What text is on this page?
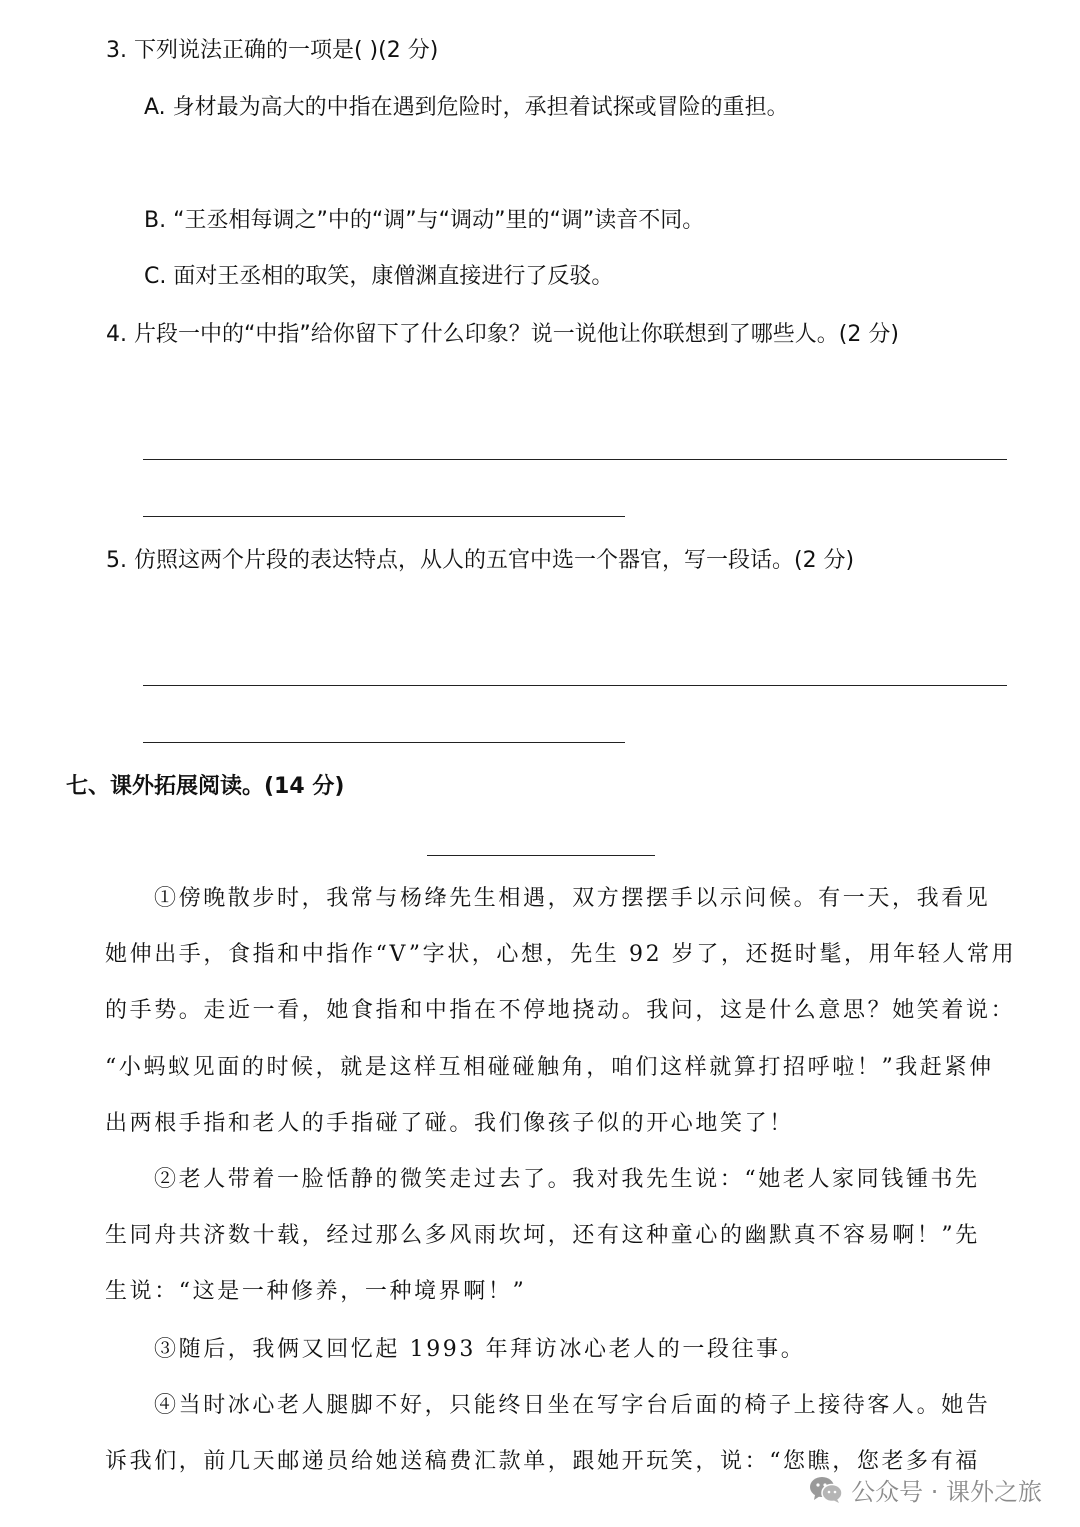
3. 下列说法正确的一项是( )(2 分)
A. 身材最为高大的中指在遇到危险时，承担着试探或冒险的重担。
B. “王丞相每调之”中的“调”与“调动”里的“调”读音不同。
C. 面对王丞相的取笑，康僧渊直接进行了反驳。
4. 片段一中的“中指”给你留下了什么印象？说一说他让你联想到了哪些人。(2 分)
5. 仿照这两个片段的表达特点，从人的五官中选一个器官，写一段话。(2 分)
七、课外拓展阅读。(14 分)
①傍晚散步时，我常与杨绛先生相遇，双方摆摆手以示问候。有一天，我看见
她伸出手，食指和中指作“V”字状，心想，先生 92 岁了，还挺时髦，用年轻人常用
的手势。走近一看，她食指和中指在不停地挠动。我问，这是什么意思？她笑着说：
“小蚂蚁见面的时候，就是这样互相碰碰触角，咱们这样就算打招呼啦！”我赶紧伸
出两根手指和老人的手指碰了碰。我们像孩子似的开心地笑了！
②老人带着一脸恬静的微笑走过去了。我对我先生说：“她老人家同钱锺书先
生同舟共济数十载，经过那么多风雨坎坷，还有这种童心的幽默真不容易啊！”先
生说：“这是一种修养，一种境界啊！”
③随后，我俩又回忆起 1993 年拜访冰心老人的一段往事。
④当时冰心老人腿脚不好，只能终日坐在写字台后面的椅子上接待客人。她告
诉我们，前几天邮递员给她送稿费汇款单，跟她开玩笑，说：“您瞧，您老多有福
公众号 · 课外之旅
